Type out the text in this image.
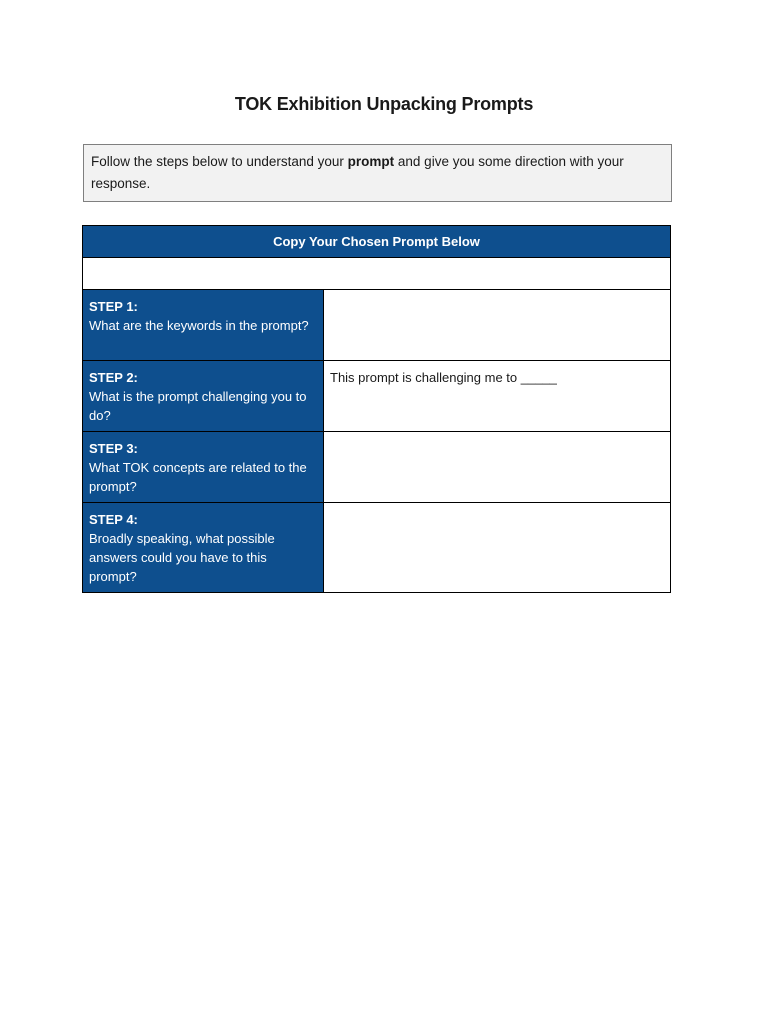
TOK Exhibition Unpacking Prompts
Follow the steps below to understand your prompt and give you some direction with your response.
Copy Your Chosen Prompt Below	

STEP 1:
What are the keywords in the prompt?	

STEP 2:
What is the prompt challenging you to do?	This prompt is challenging me to _____

STEP 3:
What TOK concepts are related to the prompt?	

STEP 4:
Broadly speaking, what possible answers could you have to this prompt?	
